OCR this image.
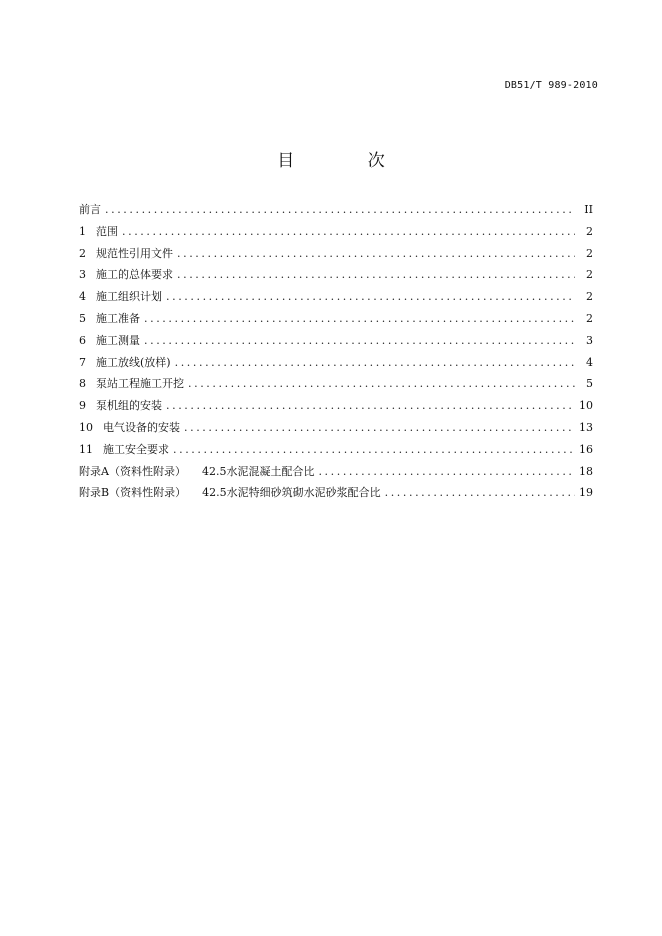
DB51/T 989-2010
目 次
前言 .....	II
1 范围 .....	2
2 规范性引用文件 .....	2
3 施工的总体要求 .....	2
4 施工组织计划 .....	2
5 施工准备 .....	2
6 施工测量 .....	3
7 施工放线(放样) .....	4
8 泵站工程施工开挖 .....	5
9 泵机组的安装 .....	10
10 电气设备的安装 .....	13
11 施工安全要求 .....	16
附录A（资料性附录） 42.5水泥混凝土配合比 .....	18
附录B（资料性附录） 42.5水泥特细砂筑砌水泥砂浆配合比 .....	19
